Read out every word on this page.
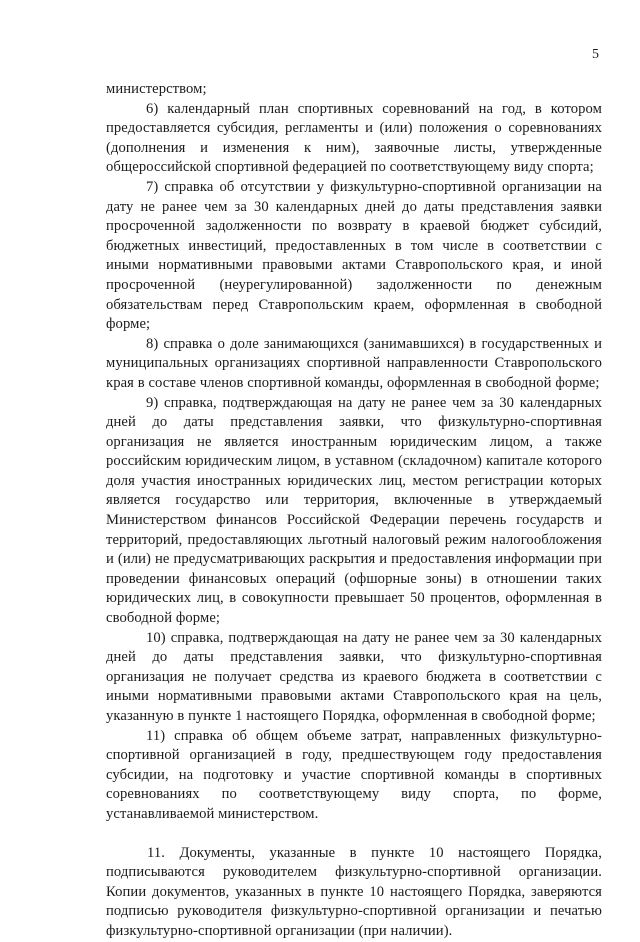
5

министерством;

6) календарный план спортивных соревнований на год, в котором предоставляется субсидия, регламенты и (или) положения о соревнованиях (дополнения и изменения к ним), заявочные листы, утвержденные общероссийской спортивной федерацией по соответствующему виду спорта;

7) справка об отсутствии у физкультурно-спортивной организации на дату не ранее чем за 30 календарных дней до даты представления заявки просроченной задолженности по возврату в краевой бюджет субсидий, бюджетных инвестиций, предоставленных в том числе в соответствии с иными нормативными правовыми актами Ставропольского края, и иной просроченной (неурегулированной) задолженности по денежным обязательствам перед Ставропольским краем, оформленная в свободной форме;

8) справка о доле занимающихся (занимавшихся) в государственных и муниципальных организациях спортивной направленности Ставропольского края в составе членов спортивной команды, оформленная в свободной форме;

9) справка, подтверждающая на дату не ранее чем за 30 календарных дней до даты представления заявки, что физкультурно-спортивная организация не является иностранным юридическим лицом, а также российским юридическим лицом, в уставном (складочном) капитале которого доля участия иностранных юридических лиц, местом регистрации которых является государство или территория, включенные в утверждаемый Министерством финансов Российской Федерации перечень государств и территорий, предоставляющих льготный налоговый режим налогообложения и (или) не предусматривающих раскрытия и предоставления информации при проведении финансовых операций (офшорные зоны) в отношении таких юридических лиц, в совокупности превышает 50 процентов, оформленная в свободной форме;

10) справка, подтверждающая на дату не ранее чем за 30 календарных дней до даты представления заявки, что физкультурно-спортивная организация не получает средства из краевого бюджета в соответствии с иными нормативными правовыми актами Ставропольского края на цель, указанную в пункте 1 настоящего Порядка, оформленная в свободной форме;

11) справка об общем объеме затрат, направленных физкультурно-спортивной организацией в году, предшествующем году предоставления субсидии, на подготовку и участие спортивной команды в спортивных соревнованиях по соответствующему виду спорта, по форме, устанавливаемой министерством.

11. Документы, указанные в пункте 10 настоящего Порядка, подписываются руководителем физкультурно-спортивной организации. Копии документов, указанных в пункте 10 настоящего Порядка, заверяются подписью руководителя физкультурно-спортивной организации и печатью физкультурно-спортивной организации (при наличии).
